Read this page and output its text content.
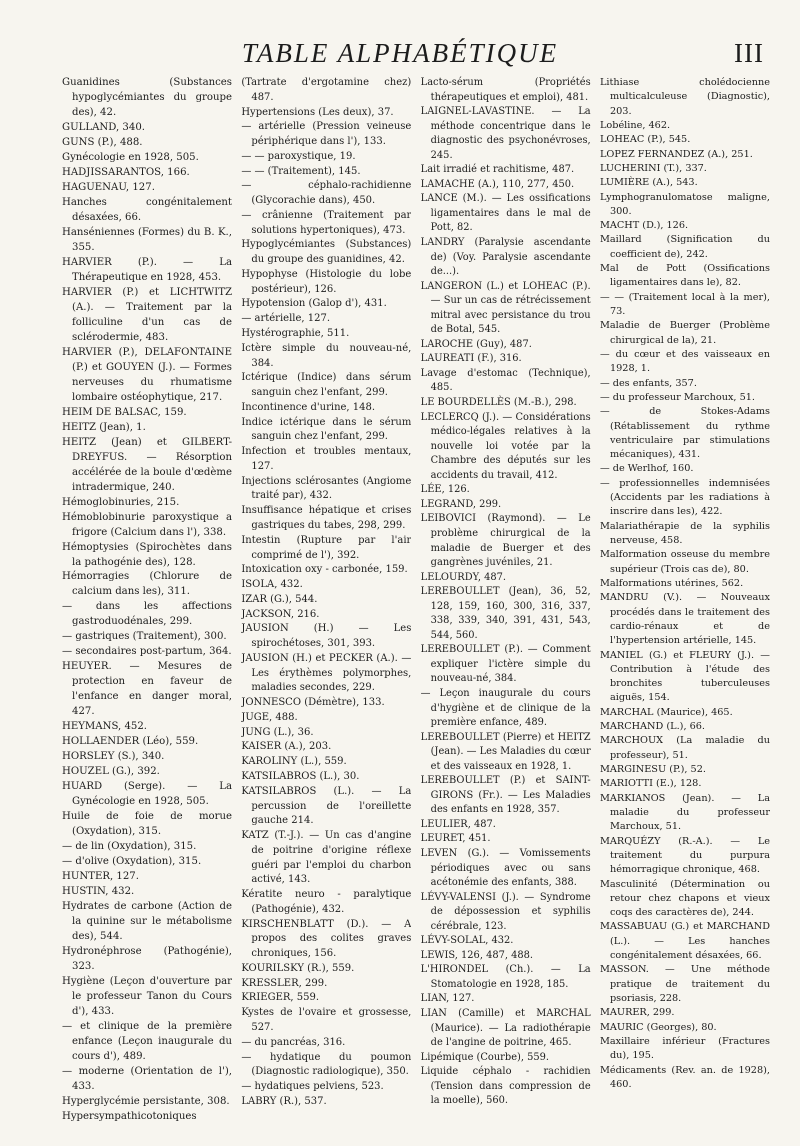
TABLE ALPHABÉTIQUE	III
Guanidines (Substances hypoglycémiantes du groupe des), 42.
GULLAND, 340.
GUNS (P.), 488.
Gynécologie en 1928, 505.
HADJISSARANTOS, 166.
HAGUENAU, 127.
Hanches congénitalement désaxées, 66.
Hanséniennes (Formes) du B. K., 355.
HARVIER (P.). — La Thérapeutique en 1928, 453.
HARVIER (P.) et LICHTWITZ (A.). — Traitement par la folliculine d'un cas de sclérodermie, 483.
HARVIER (P.), DELAFONTAINE (P.) et GOUYEN (J.). — Formes nerveuses du rhumatisme lombaire ostéophytique, 217.
HEIM DE BALSAC, 159.
HEITZ (Jean), 1.
HEITZ (Jean) et GILBERT-DREYFUS. — Résorption accélérée de la boule d'œdème intradermique, 240.
Hémoglobinuries, 215.
Hémoblobinurie paroxystique a frigore (Calcium dans l'), 338.
Hémoptysies (Spirochètes dans la pathogénie des), 128.
Hémorragies (Chlorure de calcium dans les), 311.
— dans les affections gastroduodénales, 299.
— gastriques (Traitement), 300.
— secondaires post-partum, 364.
HEUYER. — Mesures de protection en faveur de l'enfance en danger moral, 427.
HEYMANS, 452.
HOLLAENDER (Léo), 559.
HORSLEY (S.), 340.
HOUZEL (G.), 392.
HUARD (Serge). — La Gynécologie en 1928, 505.
Huile de foie de morue (Oxydation), 315.
— de lin (Oxydation), 315.
— d'olive (Oxydation), 315.
HUNTER, 127.
HUSTIN, 432.
Hydrates de carbone (Action de la quinine sur le métabolisme des), 544.
Hydronéphrose (Pathogénie), 323.
Hygiène (Leçon d'ouverture par le professeur Tanon du Cours d'), 433.
— et clinique de la première enfance (Leçon inaugurale du cours d'), 489.
— moderne (Orientation de l'), 433.
Hyperglycémie persistante, 308.
Hypersympathicotoniques
(Tartrate d'ergotamine chez) 487.
Hypertensions (Les deux), 37.
— artérielle (Pression veineuse périphérique dans l'), 133.
— — paroxystique, 19.
— — (Traitement), 145.
— céphalo-rachidienne (Glycorachie dans), 450.
— crânienne (Traitement par solutions hypertoniques), 473.
Hypoglycémiantes (Substances) du groupe des guanidines, 42.
Hypophyse (Histologie du lobe postérieur), 126.
Hypotension (Galop d'), 431.
— artérielle, 127.
Hystérographie, 511.
Ictère simple du nouveau-né, 384.
Ictérique (Indice) dans sérum sanguin chez l'enfant, 299.
Incontinence d'urine, 148.
Indice ictérique dans le sérum sanguin chez l'enfant, 299.
Infection et troubles mentaux, 127.
Injections sclérosantes (Angiome traité par), 432.
Insuffisance hépatique et crises gastriques du tabes, 298, 299.
Intestin (Rupture par l'air comprimé de l'), 392.
Intoxication oxy - carbonée, 159.
ISOLA, 432.
IZAR (G.), 544.
JACKSON, 216.
JAUSION (H.) — Les spirochétoses, 301, 393.
JAUSION (H.) et PECKER (A.). — Les érythèmes polymorphes, maladies secondes, 229.
JONNESCO (Démètre), 133.
JUGE, 488.
JUNG (L.), 36.
KAISER (A.), 203.
KAROLINY (L.), 559.
KATSILABROS (L.), 30.
KATSILABROS (L.). — La percussion de l'oreillette gauche 214.
KATZ (T.-J.). — Un cas d'angine de poitrine d'origine réflexe guéri par l'emploi du charbon activé, 143.
Kératite neuro - paralytique (Pathogénie), 432.
KIRSCHENBLATT (D.). — A propos des colites graves chroniques, 156.
KOURILSKY (R.), 559.
KRESSLER, 299.
KRIEGER, 559.
Kystes de l'ovaire et grossesse, 527.
— du pancréas, 316.
— hydatique du poumon (Diagnostic radiologique), 350.
— hydatiques pelviens, 523.
LABRY (R.), 537.
Lacto-sérum (Propriétés thérapeutiques et emploi), 481.
LAIGNEL-LAVASTINE. — La méthode concentrique dans le diagnostic des psychonévroses, 245.
Lait irradié et rachitisme, 487.
LAMACHE (A.), 110, 277, 450.
LANCE (M.). — Les ossifications ligamentaires dans le mal de Pott, 82.
LANDRY (Paralysie ascendante de) (Voy. Paralysie ascendante de...).
LANGERON (L.) et LOHEAC (P.). — Sur un cas de rétrécissement mitral avec persistance du trou de Botal, 545.
LAROCHE (Guy), 487.
LAUREATI (F.), 316.
Lavage d'estomac (Technique), 485.
LE BOURDELLÈS (M.-B.), 298.
LECLERCQ (J.). — Considérations médico-légales relatives à la nouvelle loi votée par la Chambre des députés sur les accidents du travail, 412.
LÉE, 126.
LEGRAND, 299.
LEIBOVICI (Raymond). — Le problème chirurgical de la maladie de Buerger et des gangrènes juvéniles, 21.
LELOURDY, 487.
LEREBOULLET (Jean), 36, 52, 128, 159, 160, 300, 316, 337, 338, 339, 340, 391, 431, 543, 544, 560.
LEREBOULLET (P.). — Comment expliquer l'ictère simple du nouveau-né, 384.
— Leçon inaugurale du cours d'hygiène et de clinique de la première enfance, 489.
LEREBOULLET (Pierre) et HEITZ (Jean). — Les Maladies du cœur et des vaisseaux en 1928, 1.
LEREBOULLET (P.) et SAINT-GIRONS (Fr.). — Les Maladies des enfants en 1928, 357.
LEULIER, 487.
LEURET, 451.
LEVEN (G.). — Vomissements périodiques avec ou sans acétonémie des enfants, 388.
LÉVY-VALENSI (J.). — Syndrome de dépossession et syphilis cérébrale, 123.
LÉVY-SOLAL, 432.
LEWIS, 126, 487, 488.
L'HIRONDEL (Ch.). — La Stomatologie en 1928, 185.
LIAN, 127.
LIAN (Camille) et MARCHAL (Maurice). — La radiothérapie de l'angine de poitrine, 465.
Lipémique (Courbe), 559.
Liquide céphalo - rachidien (Tension dans compression de la moelle), 560.
Lithiase cholédocienne multicalculeuse (Diagnostic), 203.
Lobéline, 462.
LOHEAC (P.), 545.
LOPEZ FERNANDEZ (A.), 251.
LUCHERINI (T.), 337.
LUMIÈRE (A.), 543.
Lymphogranulomatose maligne, 300.
MACHT (D.), 126.
Maillard (Signification du coefficient de), 242.
Mal de Pott (Ossifications ligamentaires dans le), 82.
— — (Traitement local à la mer), 73.
Maladie de Buerger (Problème chirurgical de la), 21.
— du cœur et des vaisseaux en 1928, 1.
— des enfants, 357.
— du professeur Marchoux, 51.
— de Stokes-Adams (Rétablissement du rythme ventriculaire par stimulations mécaniques), 431.
— de Werlhof, 160.
— professionnelles indemnisées (Accidents par les radiations à inscrire dans les), 422.
Malariathérapie de la syphilis nerveuse, 458.
Malformation osseuse du membre supérieur (Trois cas de), 80.
Malformations utérines, 562.
MANDRU (V.). — Nouveaux procédés dans le traitement des cardio-rénaux et de l'hypertension artérielle, 145.
MANIEL (G.) et FLEURY (J.). — Contribution à l'étude des bronchites tuberculeuses aiguës, 154.
MARCHAL (Maurice), 465.
MARCHAND (L.), 66.
MARCHOUX (La maladie du professeur), 51.
MARGINESU (P.), 52.
MARIOTTI (E.), 128.
MARKIANOS (Jean). — La maladie du professeur Marchoux, 51.
MARQUÉZY (R.-A.). — Le traitement du purpura hémorragique chronique, 468.
Masculinité (Détermination ou retour chez chapons et vieux coqs des caractères de), 244.
MASSABUAU (G.) et MARCHAND (L.). — Les hanches congénitalement désaxées, 66.
MASSON. — Une méthode pratique de traitement du psoriasis, 228.
MAURER, 299.
MAURIC (Georges), 80.
Maxillaire inférieur (Fractures du), 195.
Médicaments (Rev. an. de 1928), 460.
